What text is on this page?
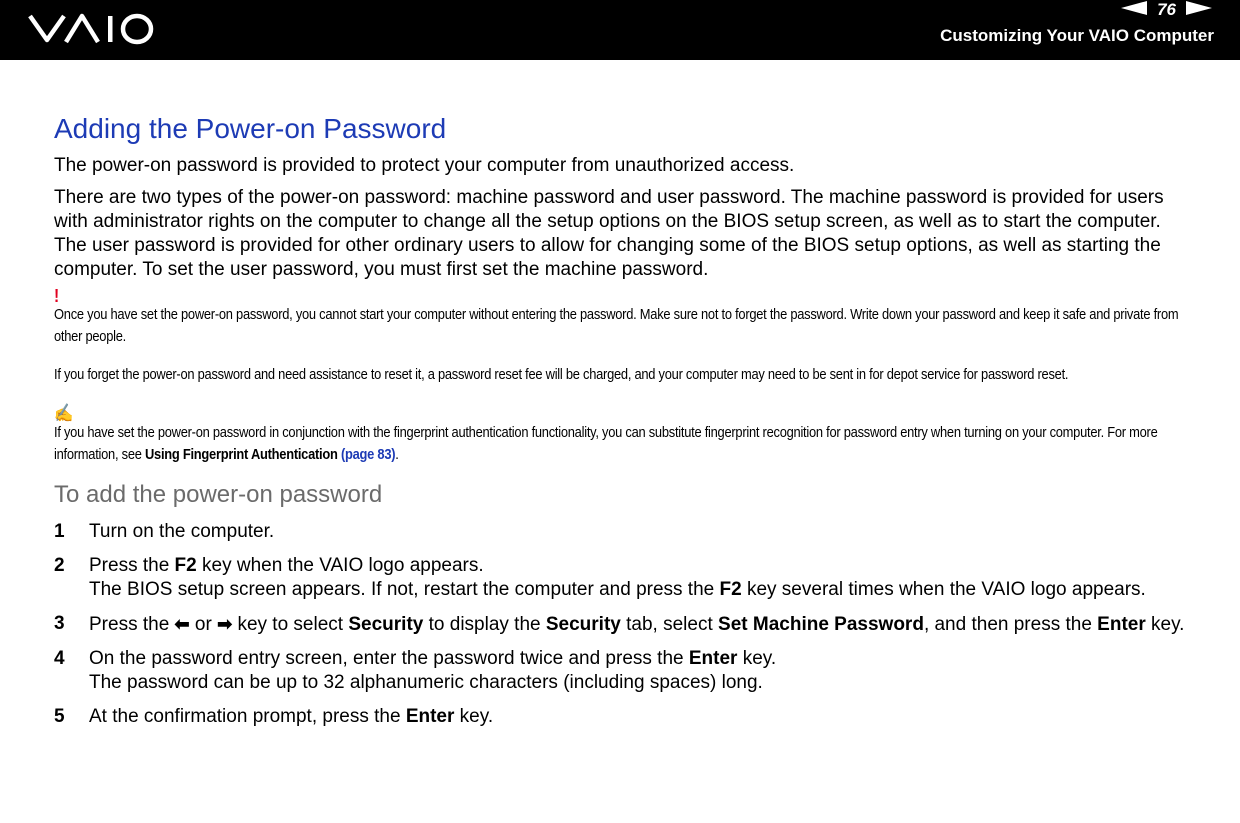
76
Customizing Your VAIO Computer
Adding the Power-on Password

The power-on password is provided to protect your computer from unauthorized access.

There are two types of the power-on password: machine password and user password. The machine password is provided for users with administrator rights on the computer to change all the setup options on the BIOS setup screen, as well as to start the computer. The user password is provided for other ordinary users to allow for changing some of the BIOS setup options, as well as starting the computer. To set the user password, you must first set the machine password.

!

Once you have set the power-on password, you cannot start your computer without entering the password. Make sure not to forget the password. Write down your password and keep it safe and private from other people.

If you forget the power-on password and need assistance to reset it, a password reset fee will be charged, and your computer may need to be sent in for depot service for password reset.

✍

If you have set the power-on password in conjunction with the fingerprint authentication functionality, you can substitute fingerprint recognition for password entry when turning on your computer. For more information, see Using Fingerprint Authentication (page 83).

To add the power-on password
1 Turn on the computer.
2 Press the F2 key when the VAIO logo appears.
The BIOS setup screen appears. If not, restart the computer and press the F2 key several times when the VAIO logo appears.
3 Press the ⬅ or ➡ key to select Security to display the Security tab, select Set Machine Password, and then press the Enter key.
4 On the password entry screen, enter the password twice and press the Enter key.
The password can be up to 32 alphanumeric characters (including spaces) long.
5 At the confirmation prompt, press the Enter key.
